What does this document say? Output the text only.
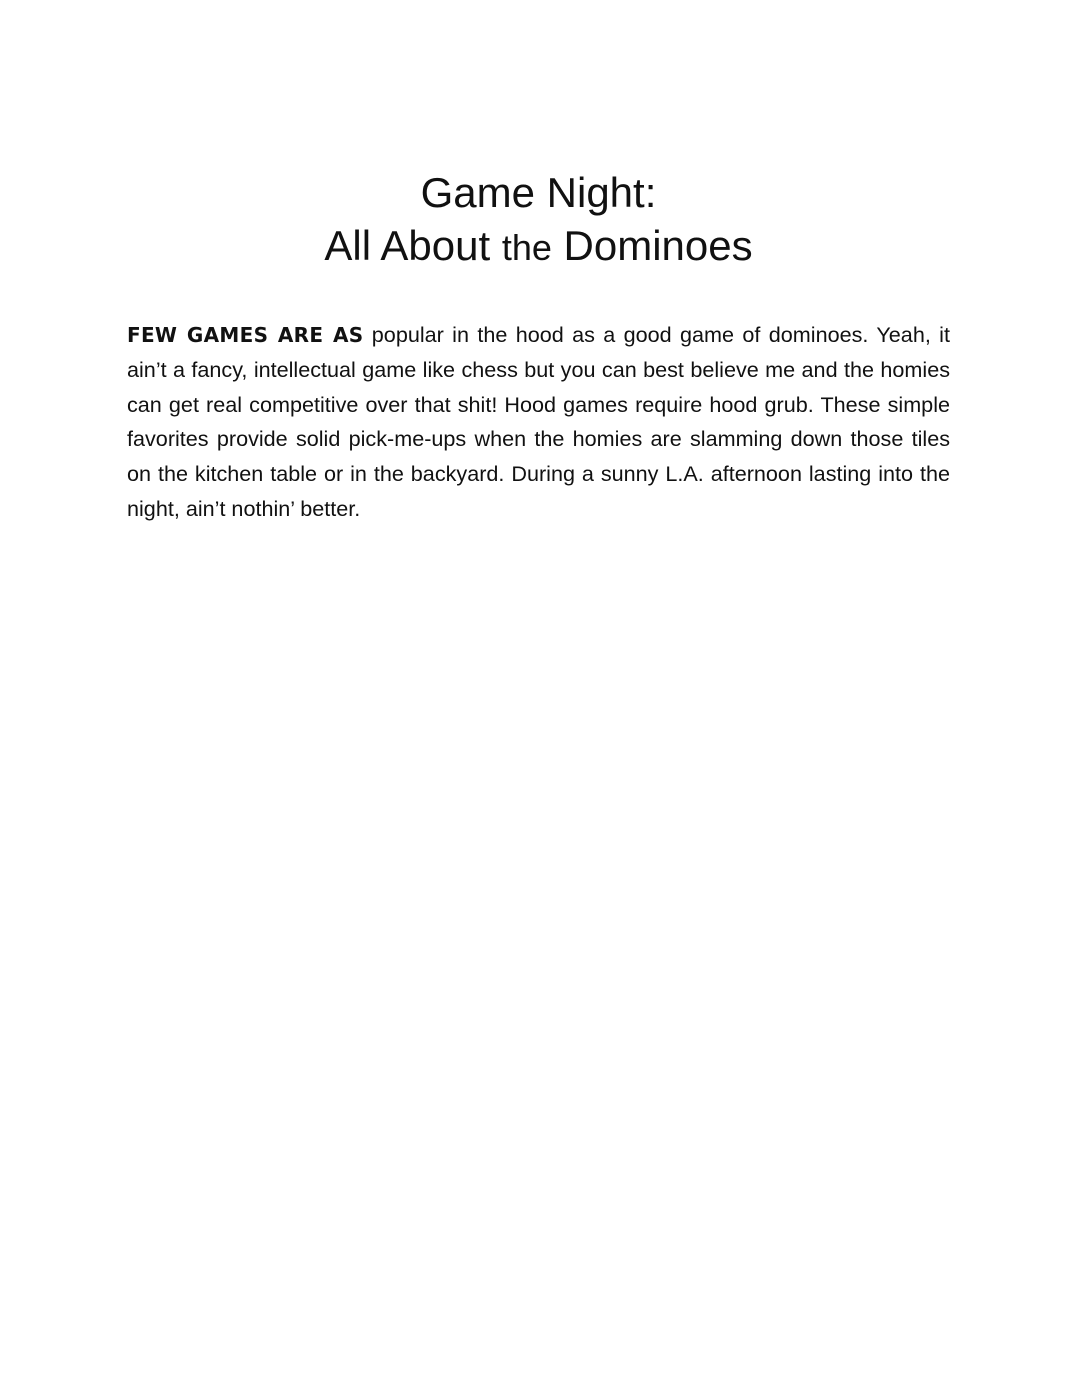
Game Night:
All About the Dominoes

FEW GAMES ARE AS popular in the hood as a good game of dominoes. Yeah, it ain’t a fancy, intellectual game like chess but you can best believe me and the homies can get real competitive over that shit! Hood games require hood grub. These simple favorites provide solid pick-me-ups when the homies are slamming down those tiles on the kitchen table or in the backyard. During a sunny L.A. afternoon lasting into the night, ain’t nothin’ better.
